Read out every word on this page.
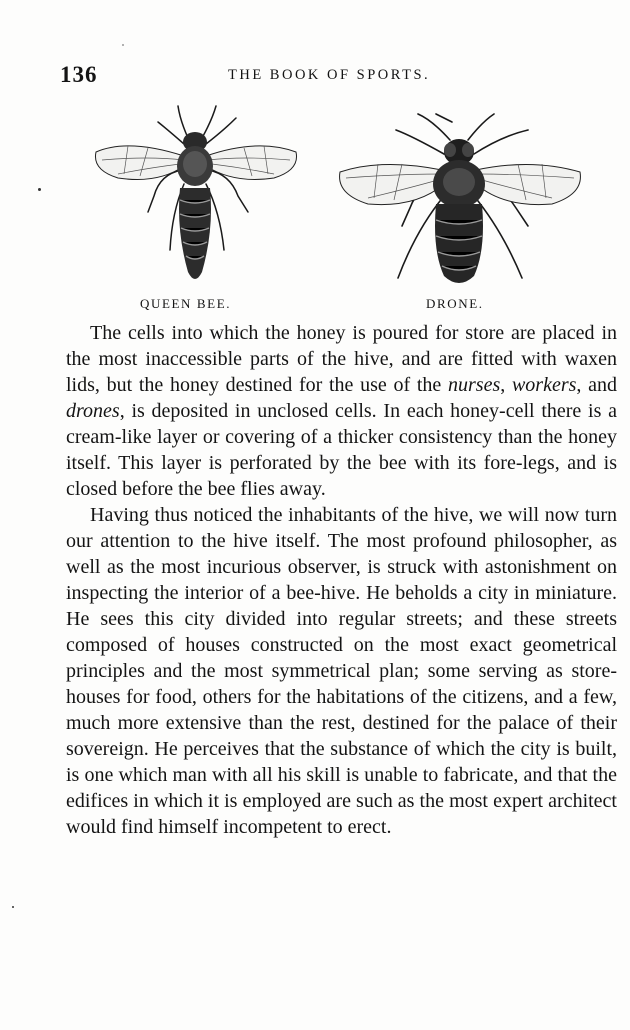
136	THE BOOK OF SPORTS.
QUEEN BEE.	DRONE.

The cells into which the honey is poured for store are placed in the most inaccessible parts of the hive, and are fitted with waxen lids, but the honey destined for the use of the nurses, workers, and drones, is deposited in unclosed cells. In each honey-cell there is a cream-like layer or covering of a thicker consistency than the honey itself. This layer is perforated by the bee with its fore-legs, and is closed before the bee flies away.

Having thus noticed the inhabitants of the hive, we will now turn our attention to the hive itself. The most profound philosopher, as well as the most incurious observer, is struck with astonishment on inspecting the interior of a bee-hive. He beholds a city in miniature. He sees this city divided into regular streets; and these streets composed of houses constructed on the most exact geometrical principles and the most symmetrical plan; some serving as store-houses for food, others for the habitations of the citizens, and a few, much more extensive than the rest, destined for the palace of their sovereign. He perceives that the substance of which the city is built, is one which man with all his skill is unable to fabricate, and that the edifices in which it is employed are such as the most expert architect would find himself incompetent to erect.
